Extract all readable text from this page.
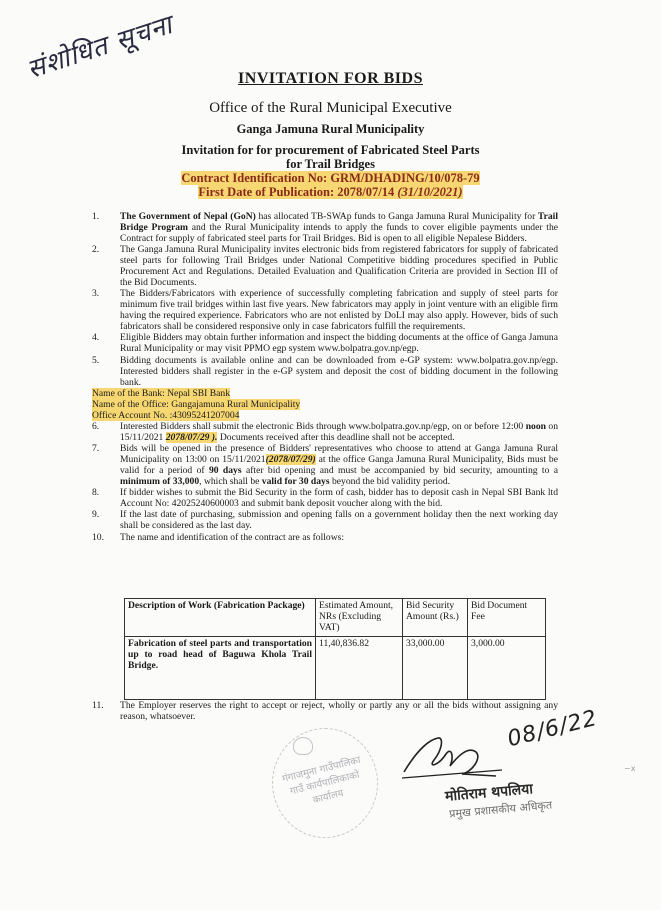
संशोधित सूचना	INVITATION FOR BIDS
Office of the Rural Municipal Executive
Ganga Jamuna Rural Municipality
Invitation for for procurement of Fabricated Steel Parts
for Trail Bridges
Contract Identification No: GRM/DHADING/10/078-79
First Date of Publication: 2078/07/14 (31/10/2021)
1. The Government of Nepal (GoN) has allocated TB-SWAp funds to Ganga Jamuna Rural Municipality for Trail Bridge Program and the Rural Municipality intends to apply the funds to cover eligible payments under the Contract for supply of fabricated steel parts for Trail Bridges. Bid is open to all eligible Nepalese Bidders.
2. The Ganga Jamuna Rural Municipality invites electronic bids from registered fabricators for supply of fabricated steel parts for following Trail Bridges under National Competitive bidding procedures specified in Public Procurement Act and Regulations. Detailed Evaluation and Qualification Criteria are provided in Section III of the Bid Documents.
3. The Bidders/Fabricators with experience of successfully completing fabrication and supply of steel parts for minimum five trail bridges within last five years. New fabricators may apply in joint venture with an eligible firm having the required experience. Fabricators who are not enlisted by DoLI may also apply. However, bids of such fabricators shall be considered responsive only in case fabricators fulfill the requirements.
4. Eligible Bidders may obtain further information and inspect the bidding documents at the office of Ganga Jamuna Rural Municipality or may visit PPMO egp system www.bolpatra.gov.np/egp.
5. Bidding documents is available online and can be downloaded from e-GP system: www.bolpatra.gov.np/egp. Interested bidders shall register in the e-GP system and deposit the cost of bidding document in the following bank.
Name of the Bank: Nepal SBI Bank
Name of the Office: Gangajamuna Rural Municipality
Office Account No. :43095241207004
6. Interested Bidders shall submit the electronic Bids through www.bolpatra.gov.np/egp, on or before 12:00 noon on 15/11/2021 2078/07/29 ). Documents received after this deadline shall not be accepted.
7. Bids will be opened in the presence of Bidders' representatives who choose to attend at Ganga Jamuna Rural Municipality on 13:00 on 15/11/2021(2078/07/29) at the office Ganga Jamuna Rural Municipality, Bids must be valid for a period of 90 days after bid opening and must be accompanied by bid security, amounting to a minimum of 33,000, which shall be valid for 30 days beyond the bid validity period.
8. If bidder wishes to submit the Bid Security in the form of cash, bidder has to deposit cash in Nepal SBI Bank ltd Account No: 42025240600003 and submit bank deposit voucher along with the bid.
9. If the last date of purchasing, submission and opening falls on a government holiday then the next working day shall be considered as the last day.
10. The name and identification of the contract are as follows:
Description of Work (Fabrication Package)	Estimated Amount, NRs (Excluding VAT)	Bid Security Amount (Rs.)	Bid Document Fee
Fabrication of steel parts and transportation up to road head of Baguwa Khola Trail Bridge.	11,40,836.82	33,000.00	3,000.00
11. The Employer reserves the right to accept or reject, wholly or partly any or all the bids without assigning any reason, whatsoever.
गंगाजमुना गाउँपालिका गाउँ कार्यपालिकाको कार्यालय
08/6/22
मोतिराम थपलिया
प्रमुख प्रशासकीय अधिकृत
~x
